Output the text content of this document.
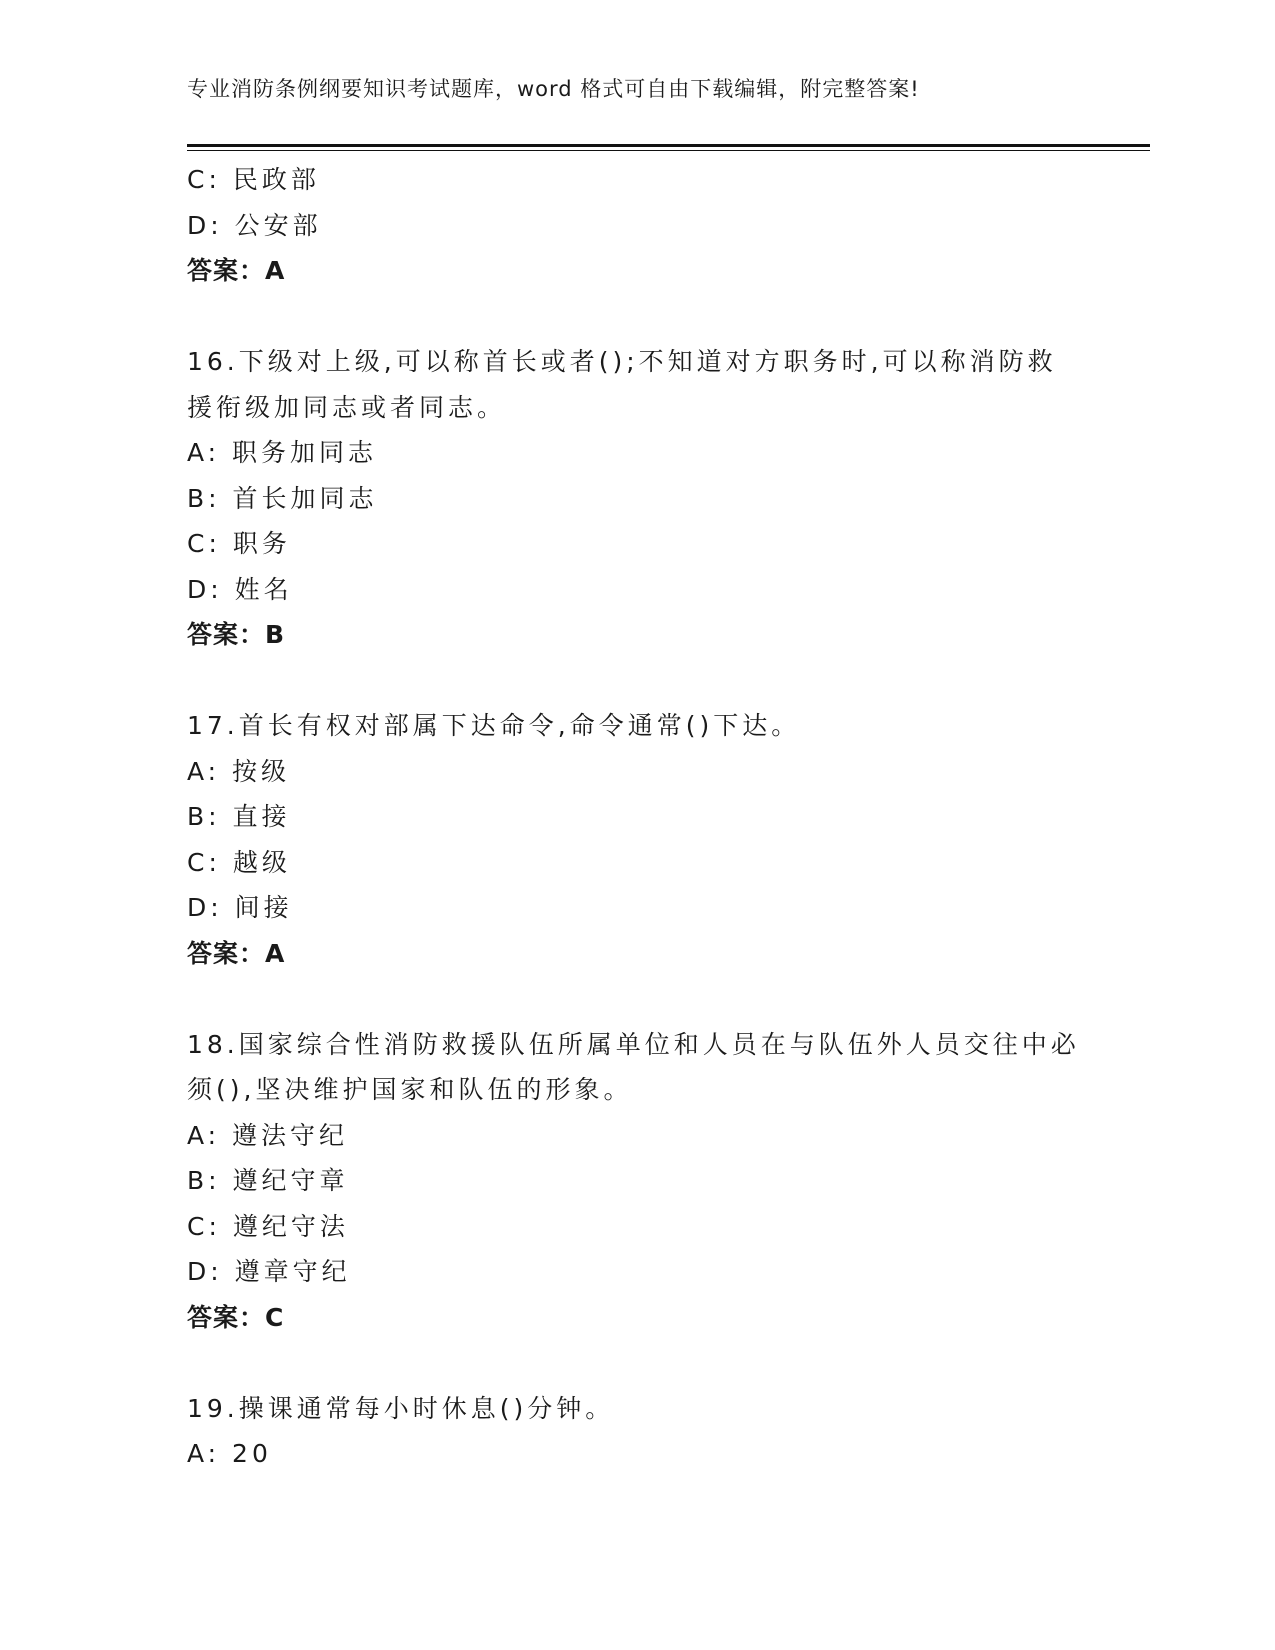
专业消防条例纲要知识考试题库，word 格式可自由下载编辑，附完整答案!
C: 民政部
D: 公安部
答案：A
16.下级对上级,可以称首长或者();不知道对方职务时,可以称消防救
援衔级加同志或者同志。
A: 职务加同志
B: 首长加同志
C: 职务
D: 姓名
答案：B
17.首长有权对部属下达命令,命令通常()下达。
A: 按级
B: 直接
C: 越级
D: 间接
答案：A
18.国家综合性消防救援队伍所属单位和人员在与队伍外人员交往中必
须(),坚决维护国家和队伍的形象。
A: 遵法守纪
B: 遵纪守章
C: 遵纪守法
D: 遵章守纪
答案：C
19.操课通常每小时休息()分钟。
A: 20
